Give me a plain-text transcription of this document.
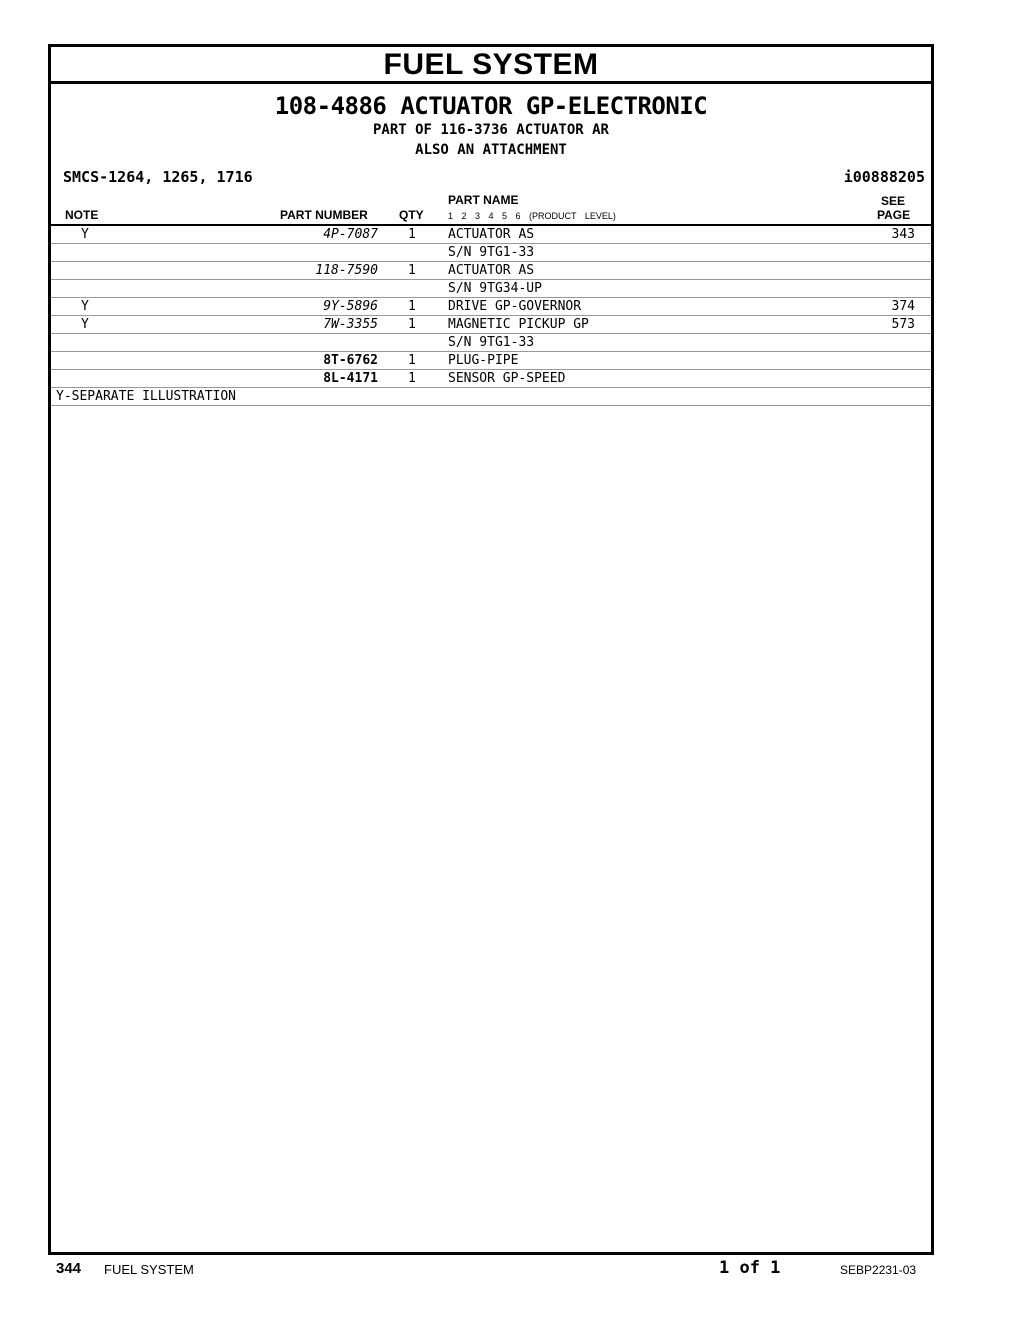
FUEL SYSTEM
108-4886 ACTUATOR GP-ELECTRONIC
PART OF 116-3736 ACTUATOR AR
ALSO AN ATTACHMENT
SMCS-1264, 1265, 1716	i00888205
NOTE	PART NUMBER	QTY
PART NAME
1 2 3 4 5 6 (PRODUCT LEVEL)
SEE
PAGE
Y	4P-7087 1 ACTUATOR AS	343
S/N 9TG1-33
118-7590 1 ACTUATOR AS
S/N 9TG34-UP
Y	9Y-5896 1 DRIVE GP-GOVERNOR	374
Y	7W-3355 1 MAGNETIC PICKUP GP	573
S/N 9TG1-33
8T-6762 1 PLUG-PIPE
8L-4171 1 SENSOR GP-SPEED
Y-SEPARATE ILLUSTRATION
344 FUEL SYSTEM	1 of 1	SEBP2231-03
